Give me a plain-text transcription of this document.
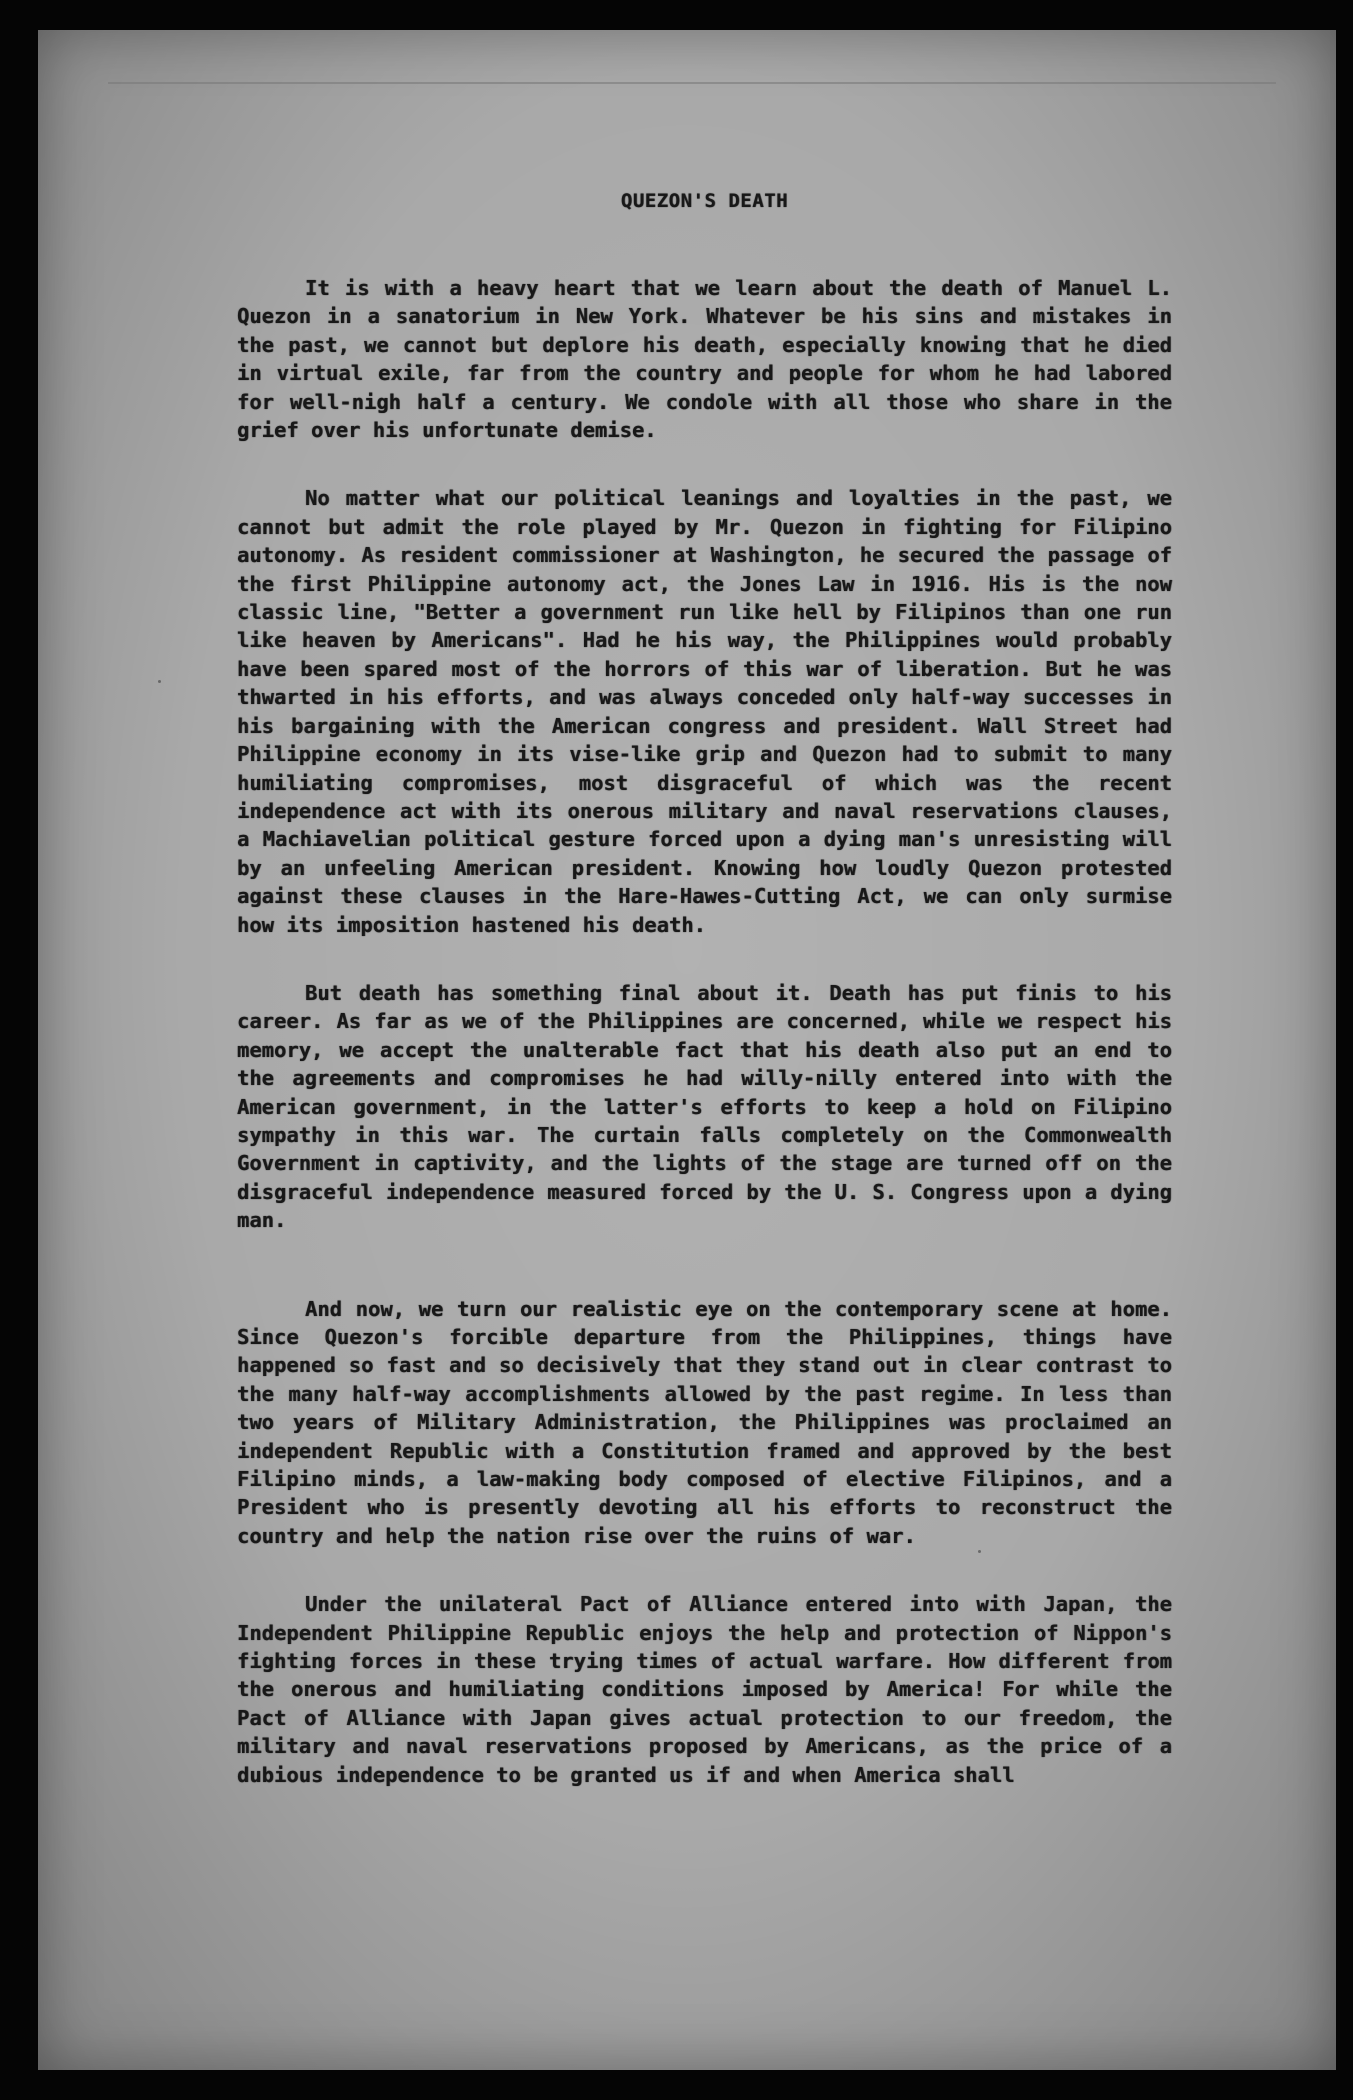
QUEZON'S DEATH

It is with a heavy heart that we learn about the death of Manuel L. Quezon in a sanatorium in New York. Whatever be his sins and mistakes in the past, we cannot but deplore his death, especially knowing that he died in virtual exile, far from the country and people for whom he had labored for well-nigh half a century. We condole with all those who share in the grief over his unfortunate demise.

No matter what our political leanings and loyalties in the past, we cannot but admit the role played by Mr. Quezon in fighting for Filipino autonomy. As resident commissioner at Washington, he secured the passage of the first Philippine autonomy act, the Jones Law in 1916. His is the now classic line, "Better a government run like hell by Filipinos than one run like heaven by Americans". Had he his way, the Philippines would probably have been spared most of the horrors of this war of liberation. But he was thwarted in his efforts, and was always conceded only half-way successes in his bargaining with the American congress and president. Wall Street had Philippine economy in its vise-like grip and Quezon had to submit to many humiliating compromises, most disgraceful of which was the recent independence act with its onerous military and naval reservations clauses, a Machiavelian political gesture forced upon a dying man's unresisting will by an unfeeling American president. Knowing how loudly Quezon protested against these clauses in the Hare-Hawes-Cutting Act, we can only surmise how its imposition hastened his death.

But death has something final about it. Death has put finis to his career. As far as we of the Philippines are concerned, while we respect his memory, we accept the unalterable fact that his death also put an end to the agreements and compromises he had willy-nilly entered into with the American government, in the latter's efforts to keep a hold on Filipino sympathy in this war. The curtain falls completely on the Commonwealth Government in captivity, and the lights of the stage are turned off on the disgraceful independence measured forced by the U. S. Congress upon a dying man.

And now, we turn our realistic eye on the contemporary scene at home. Since Quezon's forcible departure from the Philippines, things have happened so fast and so decisively that they stand out in clear contrast to the many half-way accomplishments allowed by the past regime. In less than two years of Military Administration, the Philippines was proclaimed an independent Republic with a Constitution framed and approved by the best Filipino minds, a law-making body composed of elective Filipinos, and a President who is presently devoting all his efforts to reconstruct the country and help the nation rise over the ruins of war.

Under the unilateral Pact of Alliance entered into with Japan, the Independent Philippine Republic enjoys the help and protection of Nippon's fighting forces in these trying times of actual warfare. How different from the onerous and humiliating conditions imposed by America! For while the Pact of Alliance with Japan gives actual protection to our freedom, the military and naval reservations proposed by Americans, as the price of a dubious independence to be granted us if and when America shall
